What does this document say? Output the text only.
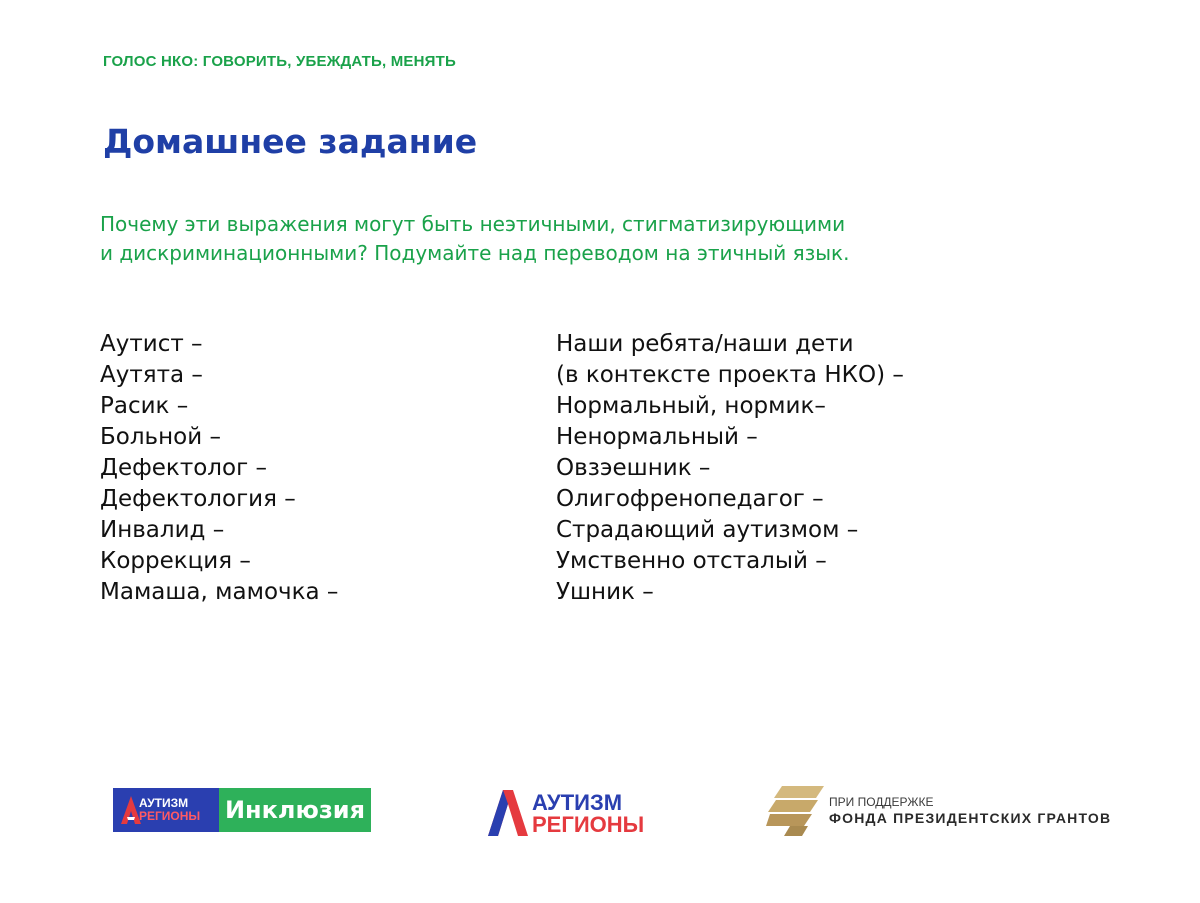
ГОЛОС НКО: ГОВОРИТЬ, УБЕЖДАТЬ, МЕНЯТЬ
Домашнее задание
Почему эти выражения могут быть неэтичными, стигматизирующими
и дискриминационными? Подумайте над переводом на этичный язык.
Аутист –
Аутята –
Расик –
Больной –
Дефектолог –
Дефектология –
Инвалид –
Коррекция –
Мамаша, мамочка –
Наши ребята/наши дети
(в контексте проекта НКО) –
Нормальный, нормик–
Ненормальный –
Овзэешник –
Олигофренопедагог –
Страдающий аутизмом –
Умственно отсталый –
Ушник –
АУТИЗМ
РЕГИОНЫ Инклюзия	АУТИЗМ
РЕГИОНЫ
ПРИ ПОДДЕРЖКЕ
ФОНДА ПРЕЗИДЕНТСКИХ ГРАНТОВ
